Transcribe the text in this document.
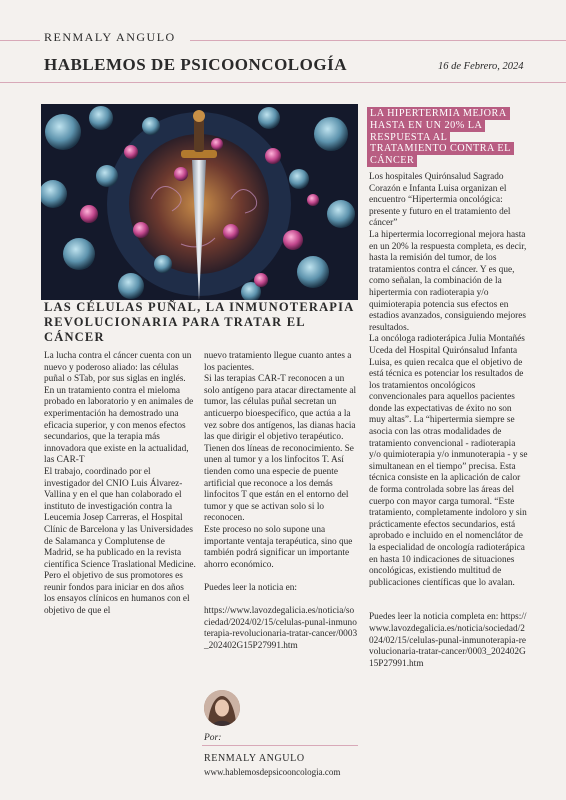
RENMALY ANGULO
HABLEMOS DE PSICOONCOLOGÍA	16 de Febrero, 2024
LAS CÉLULAS PUÑAL, LA INMUNOTERAPIA REVOLUCIONARIA PARA TRATAR EL CÁNCER

La lucha contra el cáncer cuenta con un nuevo y poderoso aliado: las células puñal o STab, por sus siglas en inglés. En un tratamiento contra el mieloma probado en laboratorio y en animales de experimentación ha demostrado una eficacia superior, y con menos efectos secundarios, que la terapia más innovadora que existe en la actualidad, las CAR-T

El trabajo, coordinado por el investigador del CNIO Luis Álvarez-Vallina y en el que han colaborado el instituto de investigación contra la Leucemia Josep Carreras, el Hospital Clínic de Barcelona y las Universidades de Salamanca y Complutense de Madrid, se ha publicado en la revista científica Science Traslational Medicine. Pero el objetivo de sus promotores es reunir fondos para iniciar en dos años los ensayos clínicos en humanos con el objetivo de que el

nuevo tratamiento llegue cuanto antes a los pacientes.

Si las terapias CAR-T reconocen a un solo antígeno para atacar directamente al tumor, las células puñal secretan un anticuerpo bioespecífico, que actúa a la vez sobre dos antígenos, las dianas hacia las que dirigir el objetivo terapéutico. Tienen dos líneas de reconocimiento. Se unen al tumor y a los linfocitos T. Así tienden como una especie de puente artificial que reconoce a los demás linfocitos T que están en el entorno del tumor y que se activan solo si lo reconocen.

Este proceso no solo supone una importante ventaja terapéutica, sino que también podrá significar un importante ahorro económico.

Puedes leer la noticia en:

https://www.lavozdegalicia.es/noticia/sociedad/2024/02/15/celulas-punal-inmunoterapia-revolucionaria-tratar-cancer/0003_202402G15P27991.htm

LA HIPERTERMIA MEJORA HASTA EN UN 20% LA RESPUESTA AL TRATAMIENTO CONTRA EL CÁNCER

Los hospitales Quirónsalud Sagrado Corazón e Infanta Luisa organizan el encuentro “Hipertermia oncológica: presente y futuro en el tratamiento del cáncer”

La hipertermia locorregional mejora hasta en un 20% la respuesta completa, es decir, hasta la remisión del tumor, de los tratamientos contra el cáncer. Y es que, como señalan, la combinación de la hipertermia con radioterapia y/o quimioterapia potencia sus efectos en estadios avanzados, consiguiendo mejores resultados.

La oncóloga radioterápica Julia Montañés Uceda del Hospital Quirónsalud Infanta Luisa, es quien recalca que el objetivo de está técnica es potenciar los resultados de los tratamientos oncológicos convencionales para aquellos pacientes donde las expectativas de éxito no son muy altas”. La “hipertermia siempre se asocia con las otras modalidades de tratamiento convencional - radioterapia y/o quimioterapia y/o inmunoterapia - y se simultanean en el tiempo” precisa. Esta técnica consiste en la aplicación de calor de forma controlada sobre las áreas del cuerpo con mayor carga tumoral. “Este tratamiento, completamente indoloro y sin prácticamente efectos secundarios, está aprobado e incluido en el nomenclátor de la especialidad de oncología radioterápica en hasta 10 indicaciones de situaciones oncológicas, existiendo multitud de publicaciones científicas que lo avalan.

Puedes leer la noticia completa en: https://www.lavozdegalicia.es/noticia/sociedad/2024/02/15/celulas-punal-inmunoterapia-revolucionaria-tratar-cancer/0003_202402G15P27991.htm

Por:
RENMALY ANGULO
www.hablemosdepsicooncologia.com
